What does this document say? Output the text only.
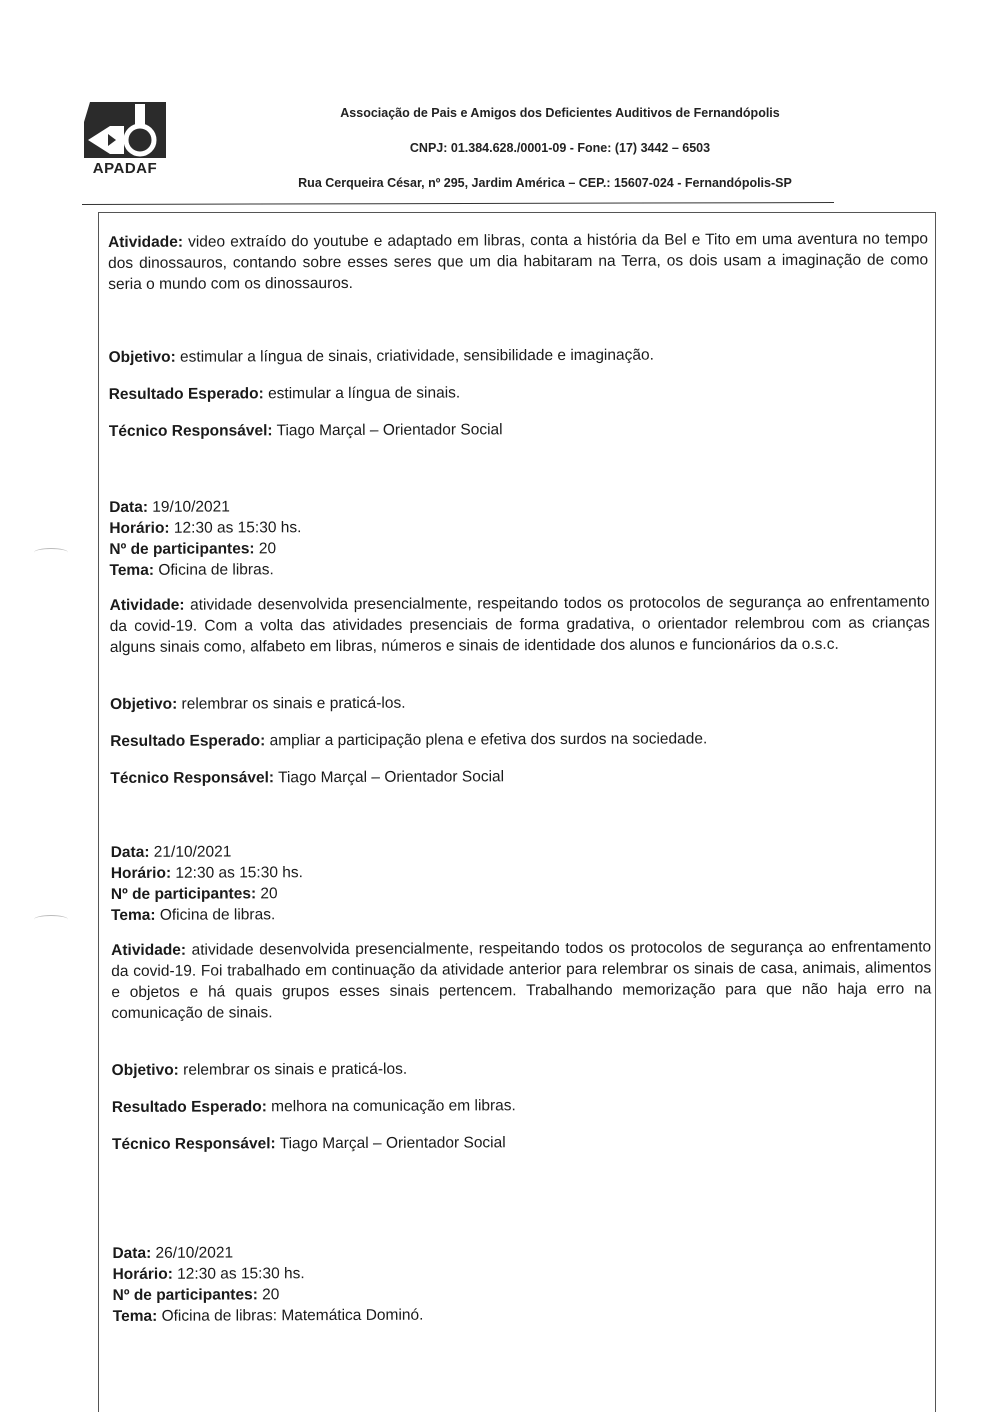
APADAF
Associação de Pais e Amigos dos Deficientes Auditivos de Fernandópolis
CNPJ: 01.384.628./0001-09 - Fone: (17) 3442 – 6503
Rua Cerqueira César, nº 295, Jardim América – CEP.: 15607-024 - Fernandópolis-SP

Atividade: video extraído do youtube e adaptado em libras, conta a história da Bel e Tito em uma aventura no tempo dos dinossauros, contando sobre esses seres que um dia habitaram na Terra, os dois usam a imaginação de como seria o mundo com os dinossauros.

Objetivo: estimular a língua de sinais, criatividade, sensibilidade e imaginação.

Resultado Esperado: estimular a língua de sinais.

Técnico Responsável: Tiago Marçal – Orientador Social

Data: 19/10/2021

Horário: 12:30 as 15:30 hs.

Nº de participantes: 20

Tema: Oficina de libras.

Atividade: atividade desenvolvida presencialmente, respeitando todos os protocolos de segurança ao enfrentamento da covid-19. Com a volta das atividades presenciais de forma gradativa, o orientador relembrou com as crianças alguns sinais como, alfabeto em libras, números e sinais de identidade dos alunos e funcionários da o.s.c.

Objetivo: relembrar os sinais e praticá-los.

Resultado Esperado: ampliar a participação plena e efetiva dos surdos na sociedade.

Técnico Responsável: Tiago Marçal – Orientador Social

Data: 21/10/2021

Horário: 12:30 as 15:30 hs.

Nº de participantes: 20

Tema: Oficina de libras.

Atividade: atividade desenvolvida presencialmente, respeitando todos os protocolos de segurança ao enfrentamento da covid-19. Foi trabalhado em continuação da atividade anterior para relembrar os sinais de casa, animais, alimentos e objetos e há quais grupos esses sinais pertencem. Trabalhando memorização para que não haja erro na comunicação de sinais.

Objetivo: relembrar os sinais e praticá-los.

Resultado Esperado: melhora na comunicação em libras.

Técnico Responsável: Tiago Marçal – Orientador Social

Data: 26/10/2021

Horário: 12:30 as 15:30 hs.

Nº de participantes: 20

Tema: Oficina de libras: Matemática Dominó.
